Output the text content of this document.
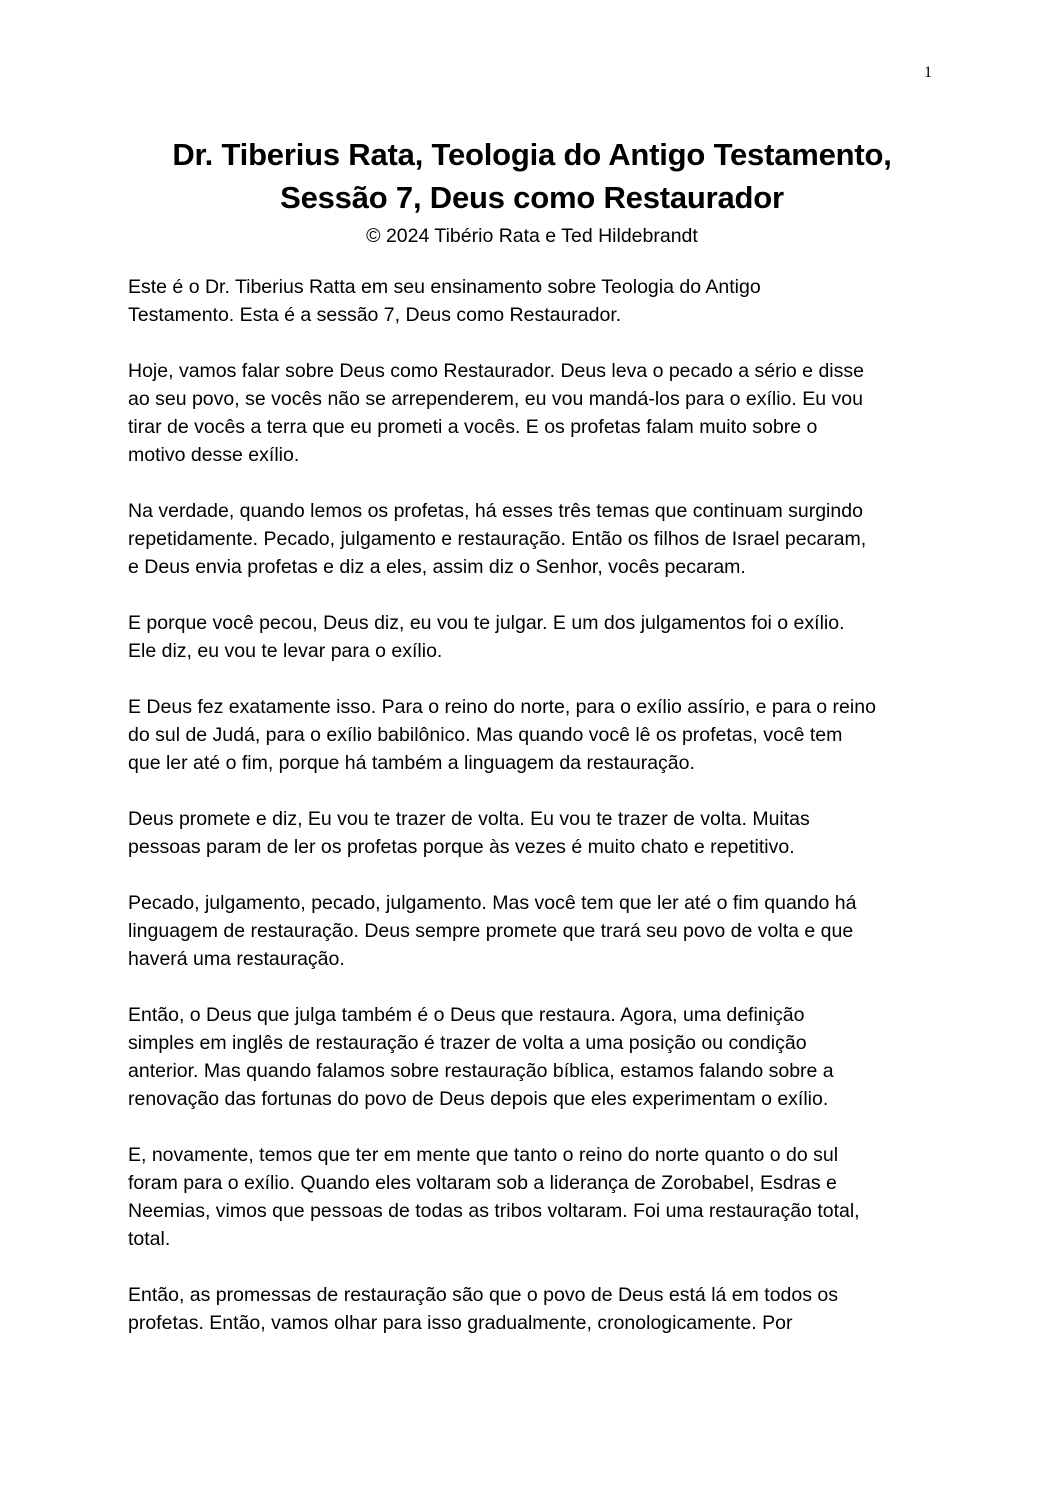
1
Dr. Tiberius Rata, Teologia do Antigo Testamento,
Sessão 7, Deus como Restaurador
© 2024 Tibério Rata e Ted Hildebrandt

Este é o Dr. Tiberius Ratta em seu ensinamento sobre Teologia do Antigo
Testamento. Esta é a sessão 7, Deus como Restaurador.

Hoje, vamos falar sobre Deus como Restaurador. Deus leva o pecado a sério e disse
ao seu povo, se vocês não se arrependerem, eu vou mandá-los para o exílio. Eu vou
tirar de vocês a terra que eu prometi a vocês. E os profetas falam muito sobre o
motivo desse exílio.

Na verdade, quando lemos os profetas, há esses três temas que continuam surgindo
repetidamente. Pecado, julgamento e restauração. Então os filhos de Israel pecaram,
e Deus envia profetas e diz a eles, assim diz o Senhor, vocês pecaram.

E porque você pecou, Deus diz, eu vou te julgar. E um dos julgamentos foi o exílio.
Ele diz, eu vou te levar para o exílio.

E Deus fez exatamente isso. Para o reino do norte, para o exílio assírio, e para o reino
do sul de Judá, para o exílio babilônico. Mas quando você lê os profetas, você tem
que ler até o fim, porque há também a linguagem da restauração.

Deus promete e diz, Eu vou te trazer de volta. Eu vou te trazer de volta. Muitas
pessoas param de ler os profetas porque às vezes é muito chato e repetitivo.

Pecado, julgamento, pecado, julgamento. Mas você tem que ler até o fim quando há
linguagem de restauração. Deus sempre promete que trará seu povo de volta e que
haverá uma restauração.

Então, o Deus que julga também é o Deus que restaura. Agora, uma definição
simples em inglês de restauração é trazer de volta a uma posição ou condição
anterior. Mas quando falamos sobre restauração bíblica, estamos falando sobre a
renovação das fortunas do povo de Deus depois que eles experimentam o exílio.

E, novamente, temos que ter em mente que tanto o reino do norte quanto o do sul
foram para o exílio. Quando eles voltaram sob a liderança de Zorobabel, Esdras e
Neemias, vimos que pessoas de todas as tribos voltaram. Foi uma restauração total,
total.

Então, as promessas de restauração são que o povo de Deus está lá em todos os
profetas. Então, vamos olhar para isso gradualmente, cronologicamente. Por
